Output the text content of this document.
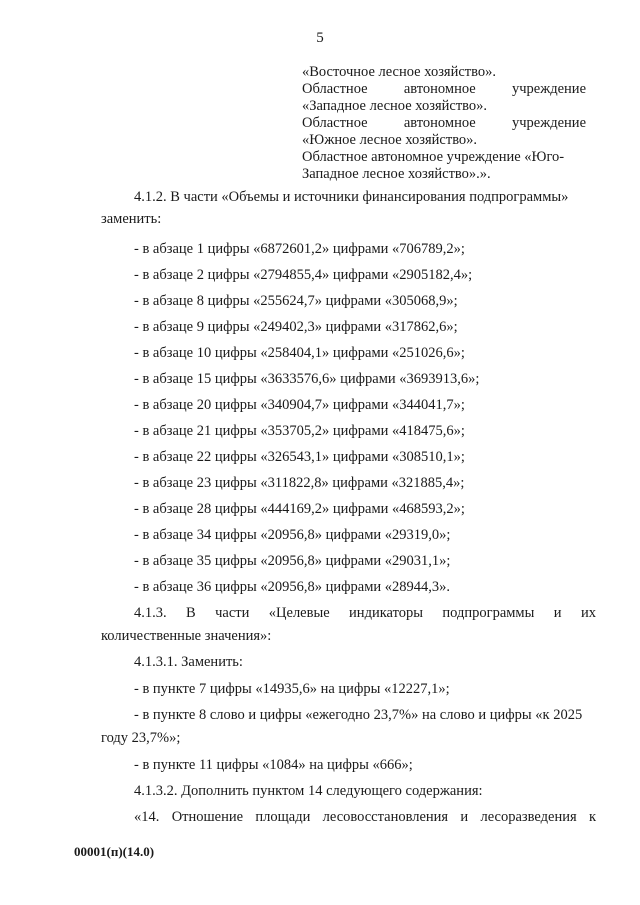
5
«Восточное лесное хозяйство».
Областное	автономное	учреждение
«Западное лесное хозяйство».
Областное	автономное	учреждение
«Южное лесное хозяйство».
Областное автономное учреждение «Юго-
Западное лесное хозяйство».».
4.1.2. В части «Объемы и источники финансирования подпрограммы»
заменить:
- в абзаце 1 цифры «6872601,2» цифрами «706789,2»;
- в абзаце 2 цифры «2794855,4» цифрами «2905182,4»;
- в абзаце 8 цифры «255624,7» цифрами «305068,9»;
- в абзаце 9 цифры «249402,3» цифрами «317862,6»;
- в абзаце 10 цифры «258404,1» цифрами «251026,6»;
- в абзаце 15 цифры «3633576,6» цифрами «3693913,6»;
- в абзаце 20 цифры «340904,7» цифрами «344041,7»;
- в абзаце 21 цифры «353705,2» цифрами «418475,6»;
- в абзаце 22 цифры «326543,1» цифрами «308510,1»;
- в абзаце 23 цифры «311822,8» цифрами «321885,4»;
- в абзаце 28 цифры «444169,2» цифрами «468593,2»;
- в абзаце 34 цифры «20956,8» цифрами «29319,0»;
- в абзаце 35 цифры «20956,8» цифрами «29031,1»;
- в абзаце 36 цифры «20956,8» цифрами «28944,3».
4.1.3. В части «Целевые индикаторы подпрограммы и их
количественные значения»:
4.1.3.1. Заменить:
- в пункте 7 цифры «14935,6» на цифры «12227,1»;
- в пункте 8 слово и цифры «ежегодно 23,7%» на слово и цифры «к 2025
году 23,7%»;
- в пункте 11 цифры «1084» на цифры «666»;
4.1.3.2. Дополнить пунктом 14 следующего содержания:
«14. Отношение площади лесовосстановления и лесоразведения к
00001(п)(14.0)
